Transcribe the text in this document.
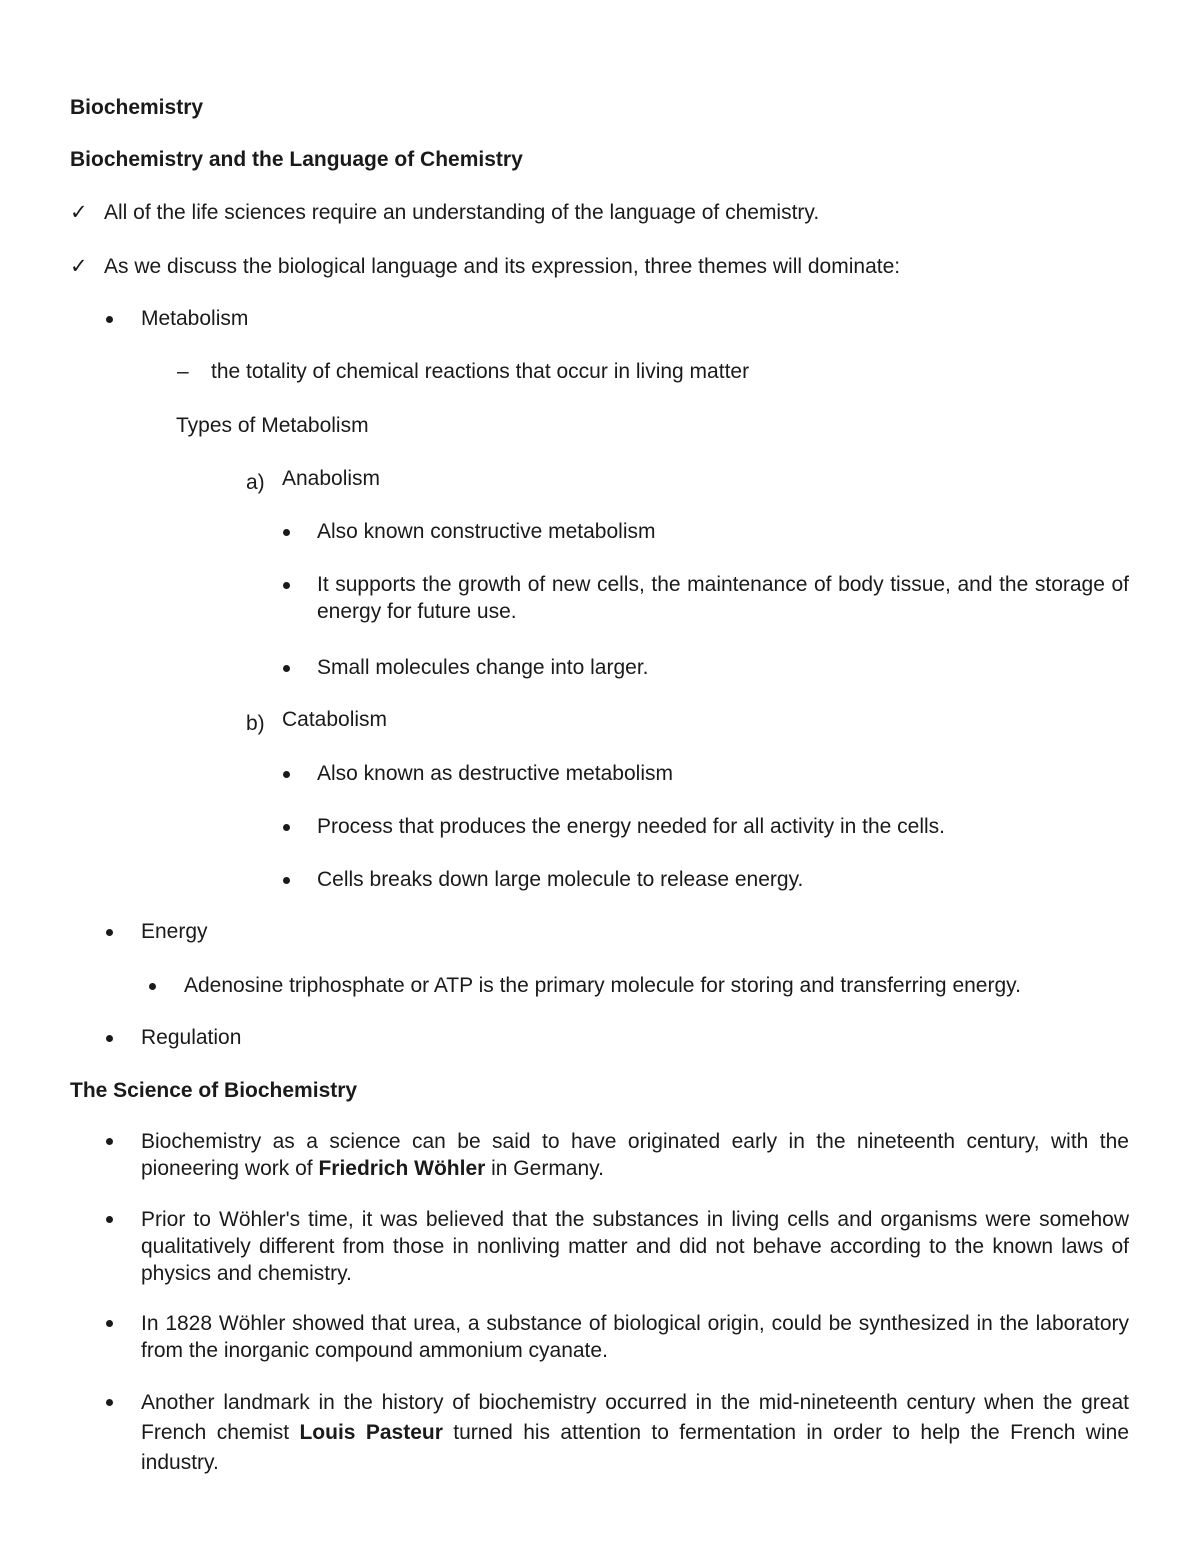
Biochemistry
Biochemistry and the Language of Chemistry
✓ All of the life sciences require an understanding of the language of chemistry.
✓ As we discuss the biological language and its expression, three themes will dominate:
Metabolism
– the totality of chemical reactions that occur in living matter
Types of Metabolism
a) Anabolism
Also known constructive metabolism
It supports the growth of new cells, the maintenance of body tissue, and the storage of energy for future use.
Small molecules change into larger.
b) Catabolism
Also known as destructive metabolism
Process that produces the energy needed for all activity in the cells.
Cells breaks down large molecule to release energy.
Energy
Adenosine triphosphate or ATP is the primary molecule for storing and transferring energy.
Regulation
The Science of Biochemistry
Biochemistry as a science can be said to have originated early in the nineteenth century, with the pioneering work of Friedrich Wöhler in Germany.
Prior to Wöhler's time, it was believed that the substances in living cells and organisms were somehow qualitatively different from those in nonliving matter and did not behave according to the known laws of physics and chemistry.
In 1828 Wöhler showed that urea, a substance of biological origin, could be synthesized in the laboratory from the inorganic compound ammonium cyanate.
Another landmark in the history of biochemistry occurred in the mid-nineteenth century when the great French chemist Louis Pasteur turned his attention to fermentation in order to help the French wine industry.
